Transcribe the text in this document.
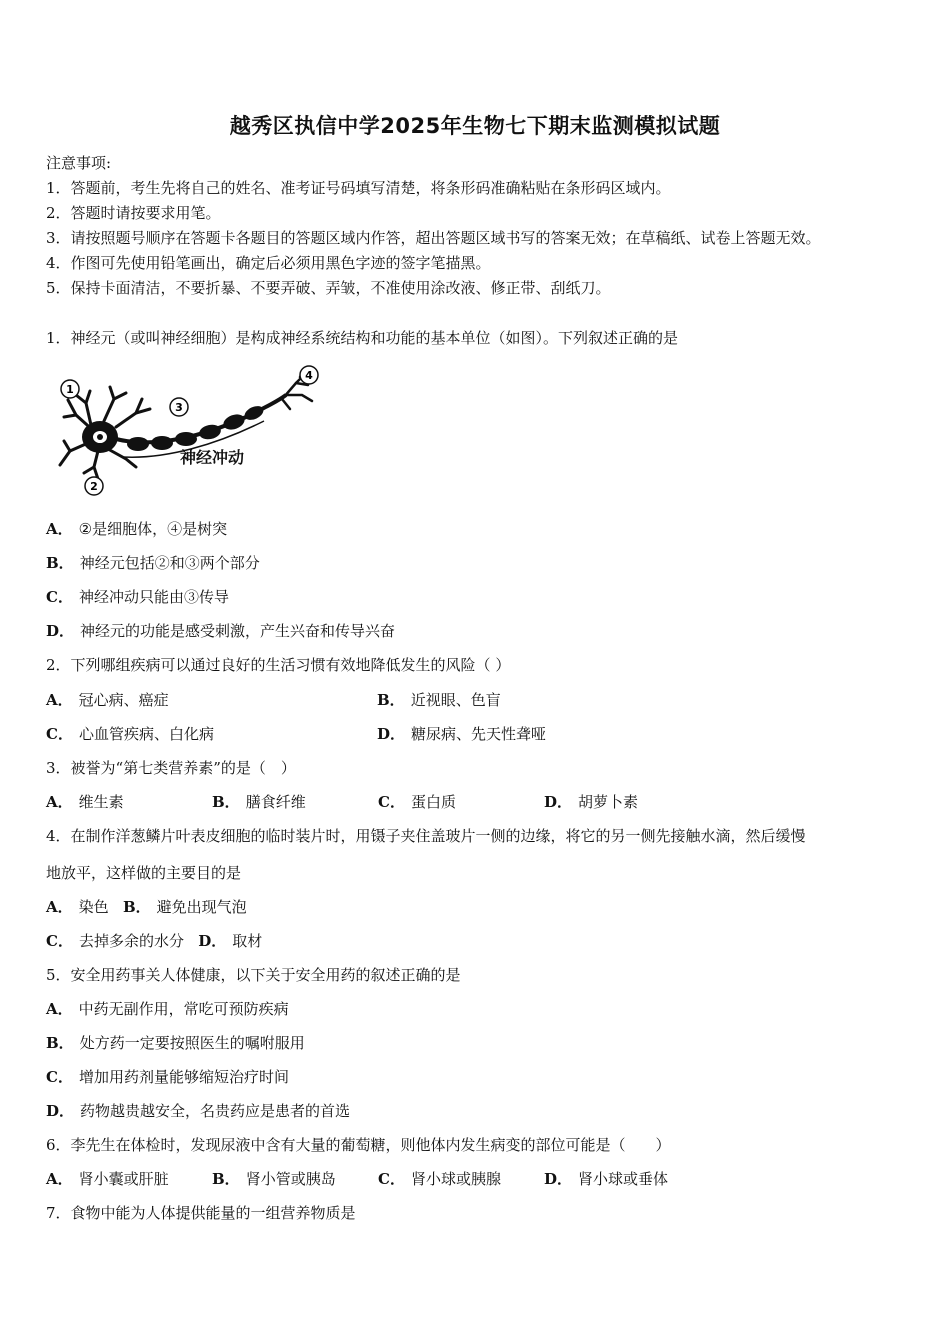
越秀区执信中学2025年生物七下期末监测模拟试题
注意事项:
1．答题前，考生先将自己的姓名、准考证号码填写清楚，将条形码准确粘贴在条形码区域内。
2．答题时请按要求用笔。
3．请按照题号顺序在答题卡各题目的答题区域内作答，超出答题区域书写的答案无效；在草稿纸、试卷上答题无效。
4．作图可先使用铅笔画出，确定后必须用黑色字迹的签字笔描黑。
5．保持卡面清洁，不要折暴、不要弄破、弄皱，不准使用涂改液、修正带、刮纸刀。
1．神经元（或叫神经细胞）是构成神经系统结构和功能的基本单位（如图）。下列叙述正确的是
1
2
3
4
神经冲动
A． ②是细胞体，④是树突
B． 神经元包括②和③两个部分
C． 神经冲动只能由③传导
D． 神经元的功能是感受刺激，产生兴奋和传导兴奋
2．下列哪组疾病可以通过良好的生活习惯有效地降低发生的风险（ ）
A． 冠心病、癌症	B． 近视眼、色盲
C． 心血管疾病、白化病	D． 糖尿病、先天性聋哑
3．被誉为“第七类营养素”的是（　）
A． 维生素	B． 膳食纤维	C． 蛋白质	D． 胡萝卜素
4．在制作洋葱鳞片叶表皮细胞的临时装片时，用镊子夹住盖玻片一侧的边缘，将它的另一侧先接触水滴，然后缓慢
地放平，这样做的主要目的是
A． 染色 B． 避免出现气泡
C． 去掉多余的水分 D． 取材
5．安全用药事关人体健康，以下关于安全用药的叙述正确的是
A． 中药无副作用，常吃可预防疾病
B． 处方药一定要按照医生的嘱咐服用
C． 增加用药剂量能够缩短治疗时间
D． 药物越贵越安全，名贵药应是患者的首选
6．李先生在体检时，发现尿液中含有大量的葡萄糖，则他体内发生病变的部位可能是（　　）
A． 肾小囊或肝脏	B． 肾小管或胰岛	C． 肾小球或胰腺	D． 肾小球或垂体
7．食物中能为人体提供能量的一组营养物质是
